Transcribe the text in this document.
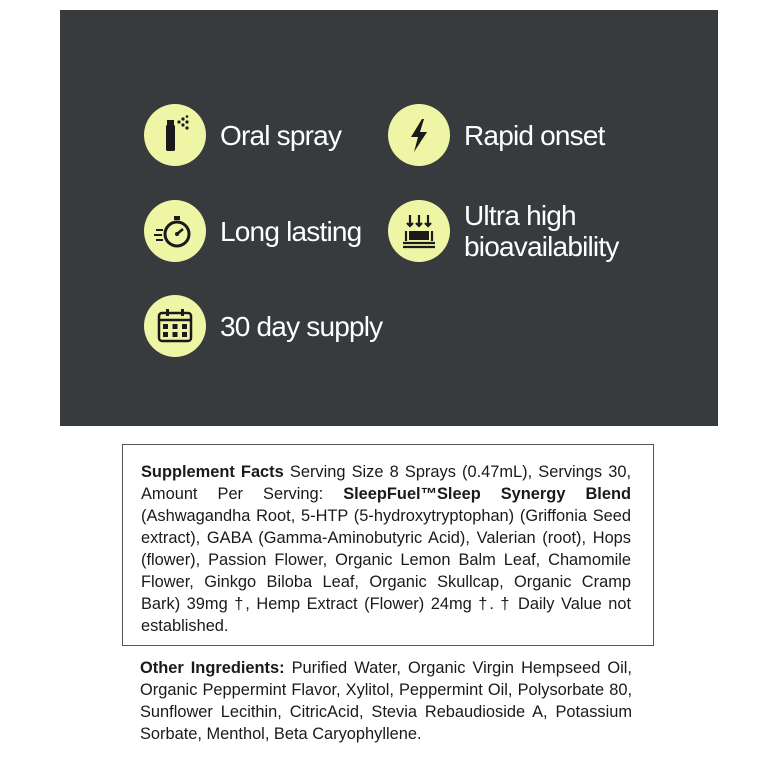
Oral spray	Rapid onset
Long lasting	Ultra high
bioavailability
30 day supply

Supplement Facts Serving Size 8 Sprays (0.47mL), Servings 30, Amount Per Serving: SleepFuel™Sleep Synergy Blend (Ashwagandha Root, 5-HTP (5-hydroxytryptophan) (Griffonia Seed extract), GABA (Gamma-Aminobutyric Acid), Valerian (root), Hops (flower), Passion Flower, Organic Lemon Balm Leaf, Chamomile Flower, Ginkgo Biloba Leaf, Organic Skullcap, Organic Cramp Bark) 39mg †, Hemp Extract (Flower) 24mg †. † Daily Value not established.

Other Ingredients: Purified Water, Organic Virgin Hempseed Oil, Organic Peppermint Flavor, Xylitol, Peppermint Oil, Polysorbate 80, Sunflower Lecithin, CitricAcid, Stevia Rebaudioside A, Potassium Sorbate, Menthol, Beta Caryophyllene.
